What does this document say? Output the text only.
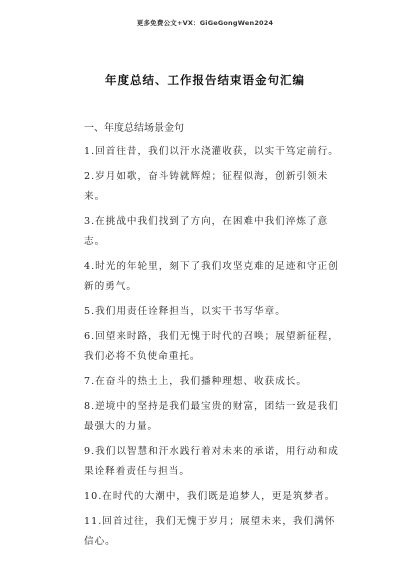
更多免费公文+VX：GiGeGongWen2024
年度总结、工作报告结束语金句汇编
一、年度总结场景金句

1.回首往昔，我们以汗水浇灌收获，以实干笃定前行。

2.岁月如歌，奋斗铸就辉煌；征程似海，创新引领未来。

3.在挑战中我们找到了方向，在困难中我们淬炼了意志。

4.时光的年轮里，刻下了我们攻坚克难的足迹和守正创新的勇气。

5.我们用责任诠释担当，以实干书写华章。

6.回望来时路，我们无愧于时代的召唤；展望新征程，我们必将不负使命重托。

7.在奋斗的热土上，我们播种理想、收获成长。

8.逆境中的坚持是我们最宝贵的财富，团结一致是我们最强大的力量。

9.我们以智慧和汗水践行着对未来的承诺，用行动和成果诠释着责任与担当。

10.在时代的大潮中，我们既是追梦人，更是筑梦者。

11.回首过往，我们无愧于岁月；展望未来，我们满怀信心。
